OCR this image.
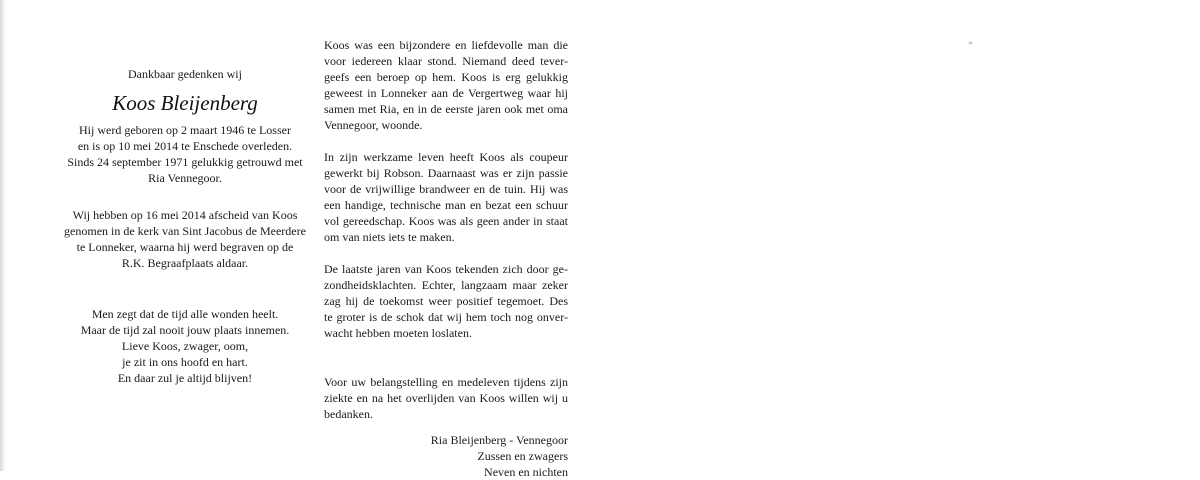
*
Dankbaar gedenken wij
Koos Bleijenberg
Hij werd geboren op 2 maart 1946 te Losser
en is op 10 mei 2014 te Enschede overleden.
Sinds 24 september 1971 gelukkig getrouwd met
Ria Vennegoor.
Wij hebben op 16 mei 2014 afscheid van Koos
genomen in de kerk van Sint Jacobus de Meerdere
te Lonneker, waarna hij werd begraven op de
R.K. Begraafplaats aldaar.
Men zegt dat de tijd alle wonden heelt.
Maar de tijd zal nooit jouw plaats innemen.
Lieve Koos, zwager, oom,
je zit in ons hoofd en hart.
En daar zul je altijd blijven!
Koos was een bijzondere en liefdevolle man die
voor iedereen klaar stond. Niemand deed tever-
geefs een beroep op hem. Koos is erg gelukkig
geweest in Lonneker aan de Vergertweg waar hij
samen met Ria, en in de eerste jaren ook met oma
Vennegoor, woonde.
In zijn werkzame leven heeft Koos als coupeur
gewerkt bij Robson. Daarnaast was er zijn passie
voor de vrijwillige brandweer en de tuin. Hij was
een handige, technische man en bezat een schuur
vol gereedschap. Koos was als geen ander in staat
om van niets iets te maken.
De laatste jaren van Koos tekenden zich door ge-
zondheidsklachten. Echter, langzaam maar zeker
zag hij de toekomst weer positief tegemoet. Des
te groter is de schok dat wij hem toch nog onver-
wacht hebben moeten loslaten.
Voor uw belangstelling en medeleven tijdens zijn
ziekte en na het overlijden van Koos willen wij u
bedanken.
Ria Bleijenberg - Vennegoor
Zussen en zwagers
Neven en nichten
